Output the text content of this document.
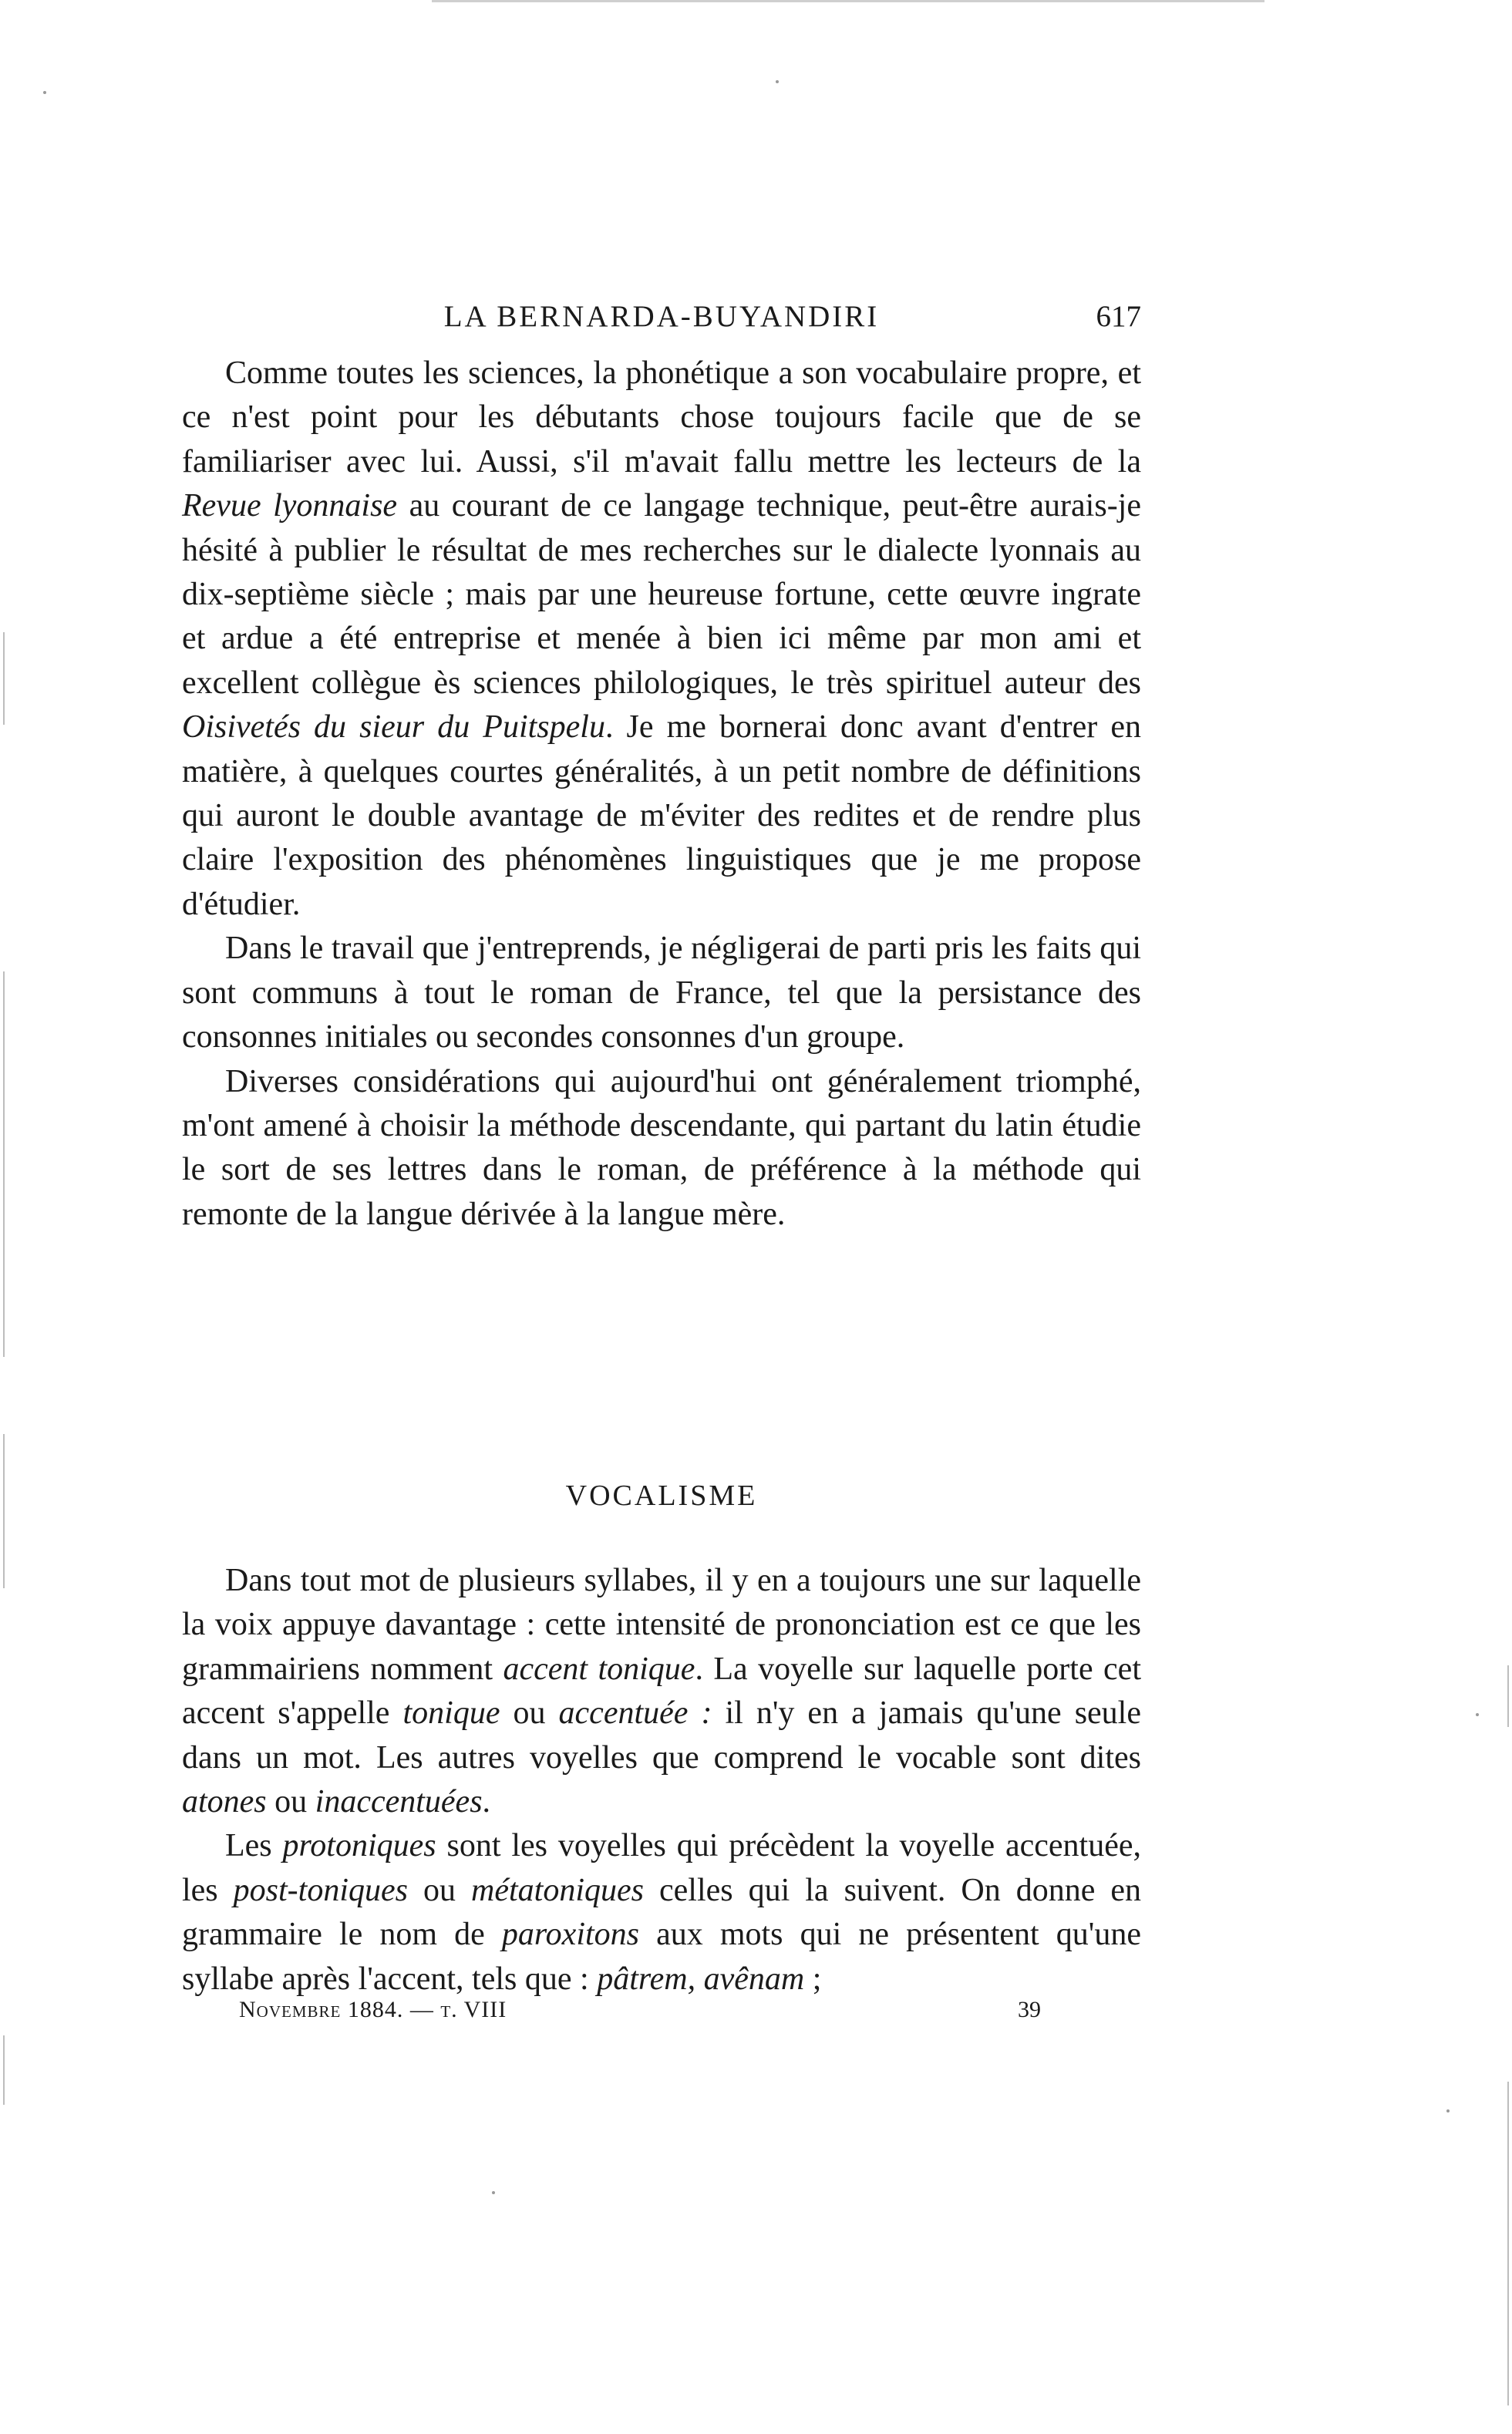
LA BERNARDA-BUYANDIRI	617

Comme toutes les sciences, la phonétique a son vocabulaire propre, et ce n'est point pour les débutants chose toujours facile que de se familiariser avec lui. Aussi, s'il m'avait fallu mettre les lecteurs de la Revue lyonnaise au courant de ce langage technique, peut-être aurais-je hésité à publier le résultat de mes recherches sur le dialecte lyonnais au dix-septième siècle ; mais par une heureuse fortune, cette œuvre ingrate et ardue a été entreprise et menée à bien ici même par mon ami et excellent collègue ès sciences philologiques, le très spirituel auteur des Oisivetés du sieur du Puitspelu. Je me bornerai donc avant d'entrer en matière, à quelques courtes généralités, à un petit nombre de définitions qui auront le double avantage de m'éviter des redites et de rendre plus claire l'exposition des phénomènes linguistiques que je me propose d'étudier.

Dans le travail que j'entreprends, je négligerai de parti pris les faits qui sont communs à tout le roman de France, tel que la persistance des consonnes initiales ou secondes consonnes d'un groupe.

Diverses considérations qui aujourd'hui ont généralement triomphé, m'ont amené à choisir la méthode descendante, qui partant du latin étudie le sort de ses lettres dans le roman, de préférence à la méthode qui remonte de la langue dérivée à la langue mère.

VOCALISME

Dans tout mot de plusieurs syllabes, il y en a toujours une sur laquelle la voix appuye davantage : cette intensité de prononciation est ce que les grammairiens nomment accent tonique. La voyelle sur laquelle porte cet accent s'appelle tonique ou accentuée : il n'y en a jamais qu'une seule dans un mot. Les autres voyelles que comprend le vocable sont dites atones ou inaccentuées.

Les protoniques sont les voyelles qui précèdent la voyelle accentuée, les post-toniques ou métatoniques celles qui la suivent. On donne en grammaire le nom de paroxitons aux mots qui ne présentent qu'une syllabe après l'accent, tels que : pâtrem, avênam ;

Novembre 1884. — t. VIII	39
